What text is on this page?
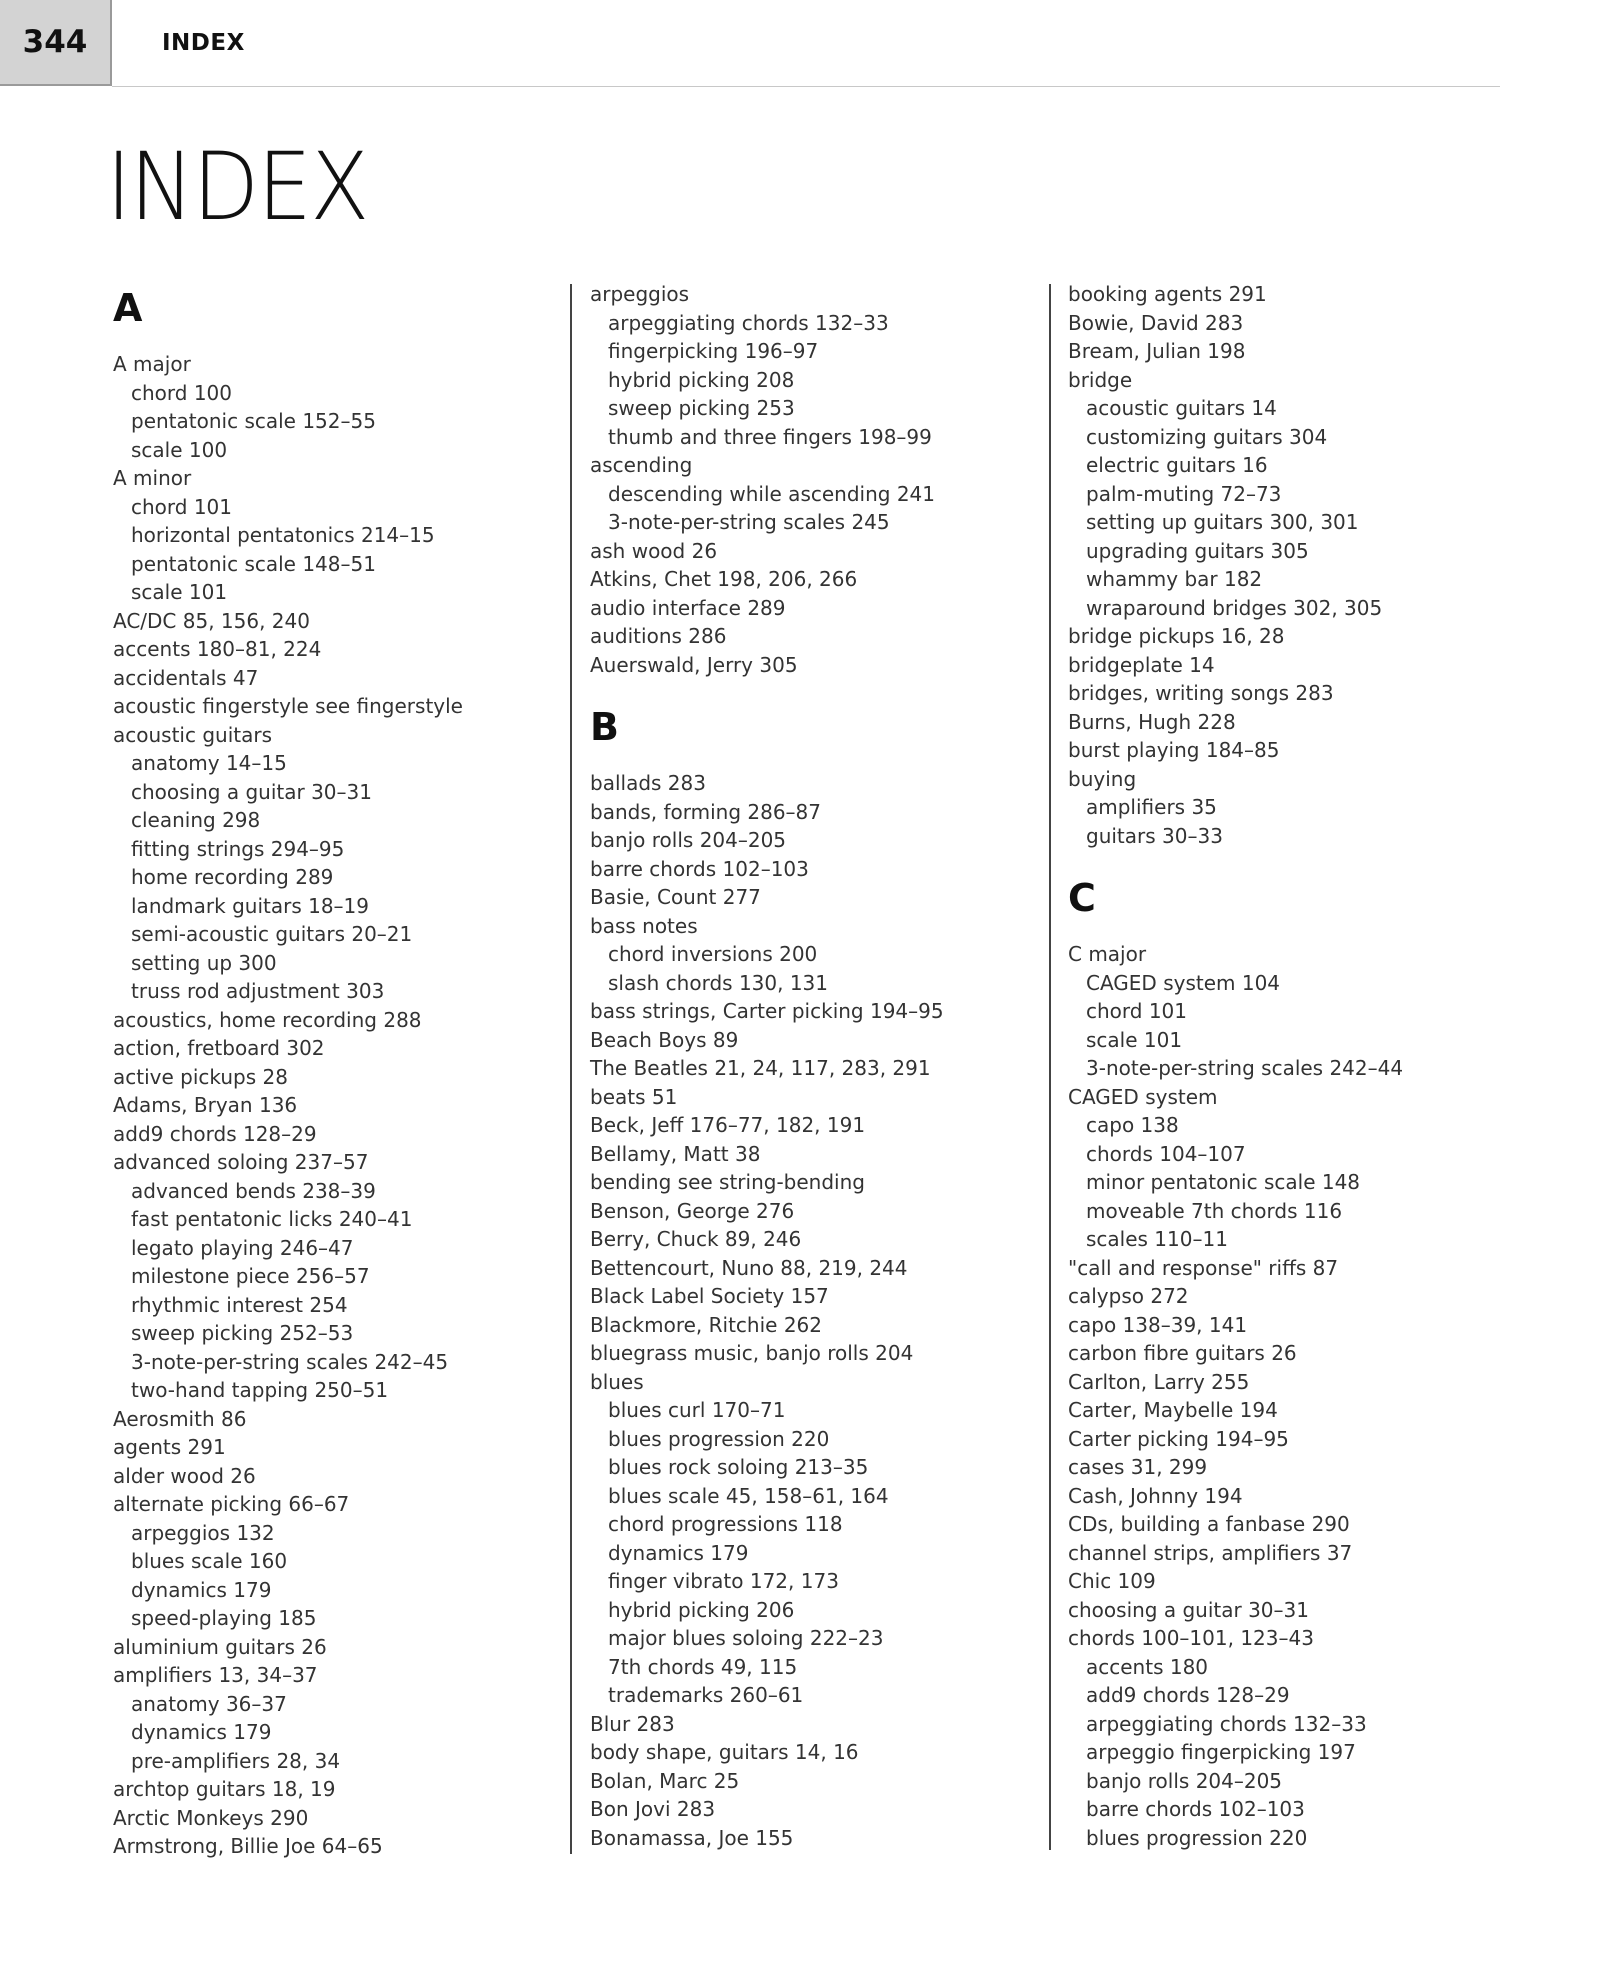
344	INDEX
INDEX
A
A major
chord 100
pentatonic scale 152–55
scale 100
A minor
chord 101
horizontal pentatonics 214–15
pentatonic scale 148–51
scale 101
AC/DC 85, 156, 240
accents 180–81, 224
accidentals 47
acoustic fingerstyle see fingerstyle
acoustic guitars
anatomy 14–15
choosing a guitar 30–31
cleaning 298
fitting strings 294–95
home recording 289
landmark guitars 18–19
semi-acoustic guitars 20–21
setting up 300
truss rod adjustment 303
acoustics, home recording 288
action, fretboard 302
active pickups 28
Adams, Bryan 136
add9 chords 128–29
advanced soloing 237–57
advanced bends 238–39
fast pentatonic licks 240–41
legato playing 246–47
milestone piece 256–57
rhythmic interest 254
sweep picking 252–53
3-note-per-string scales 242–45
two-hand tapping 250–51
Aerosmith 86
agents 291
alder wood 26
alternate picking 66–67
arpeggios 132
blues scale 160
dynamics 179
speed-playing 185
aluminium guitars 26
amplifiers 13, 34–37
anatomy 36–37
dynamics 179
pre-amplifiers 28, 34
archtop guitars 18, 19
Arctic Monkeys 290
Armstrong, Billie Joe 64–65
arpeggios
arpeggiating chords 132–33
fingerpicking 196–97
hybrid picking 208
sweep picking 253
thumb and three fingers 198–99
ascending
descending while ascending 241
3-note-per-string scales 245
ash wood 26
Atkins, Chet 198, 206, 266
audio interface 289
auditions 286
Auerswald, Jerry 305
B
ballads 283
bands, forming 286–87
banjo rolls 204–205
barre chords 102–103
Basie, Count 277
bass notes
chord inversions 200
slash chords 130, 131
bass strings, Carter picking 194–95
Beach Boys 89
The Beatles 21, 24, 117, 283, 291
beats 51
Beck, Jeff 176–77, 182, 191
Bellamy, Matt 38
bending see string-bending
Benson, George 276
Berry, Chuck 89, 246
Bettencourt, Nuno 88, 219, 244
Black Label Society 157
Blackmore, Ritchie 262
bluegrass music, banjo rolls 204
blues
blues curl 170–71
blues progression 220
blues rock soloing 213–35
blues scale 45, 158–61, 164
chord progressions 118
dynamics 179
finger vibrato 172, 173
hybrid picking 206
major blues soloing 222–23
7th chords 49, 115
trademarks 260–61
Blur 283
body shape, guitars 14, 16
Bolan, Marc 25
Bon Jovi 283
Bonamassa, Joe 155
booking agents 291
Bowie, David 283
Bream, Julian 198
bridge
acoustic guitars 14
customizing guitars 304
electric guitars 16
palm-muting 72–73
setting up guitars 300, 301
upgrading guitars 305
whammy bar 182
wraparound bridges 302, 305
bridge pickups 16, 28
bridgeplate 14
bridges, writing songs 283
Burns, Hugh 228
burst playing 184–85
buying
amplifiers 35
guitars 30–33
C
C major
CAGED system 104
chord 101
scale 101
3-note-per-string scales 242–44
CAGED system
capo 138
chords 104–107
minor pentatonic scale 148
moveable 7th chords 116
scales 110–11
"call and response" riffs 87
calypso 272
capo 138–39, 141
carbon fibre guitars 26
Carlton, Larry 255
Carter, Maybelle 194
Carter picking 194–95
cases 31, 299
Cash, Johnny 194
CDs, building a fanbase 290
channel strips, amplifiers 37
Chic 109
choosing a guitar 30–31
chords 100–101, 123–43
accents 180
add9 chords 128–29
arpeggiating chords 132–33
arpeggio fingerpicking 197
banjo rolls 204–205
barre chords 102–103
blues progression 220
